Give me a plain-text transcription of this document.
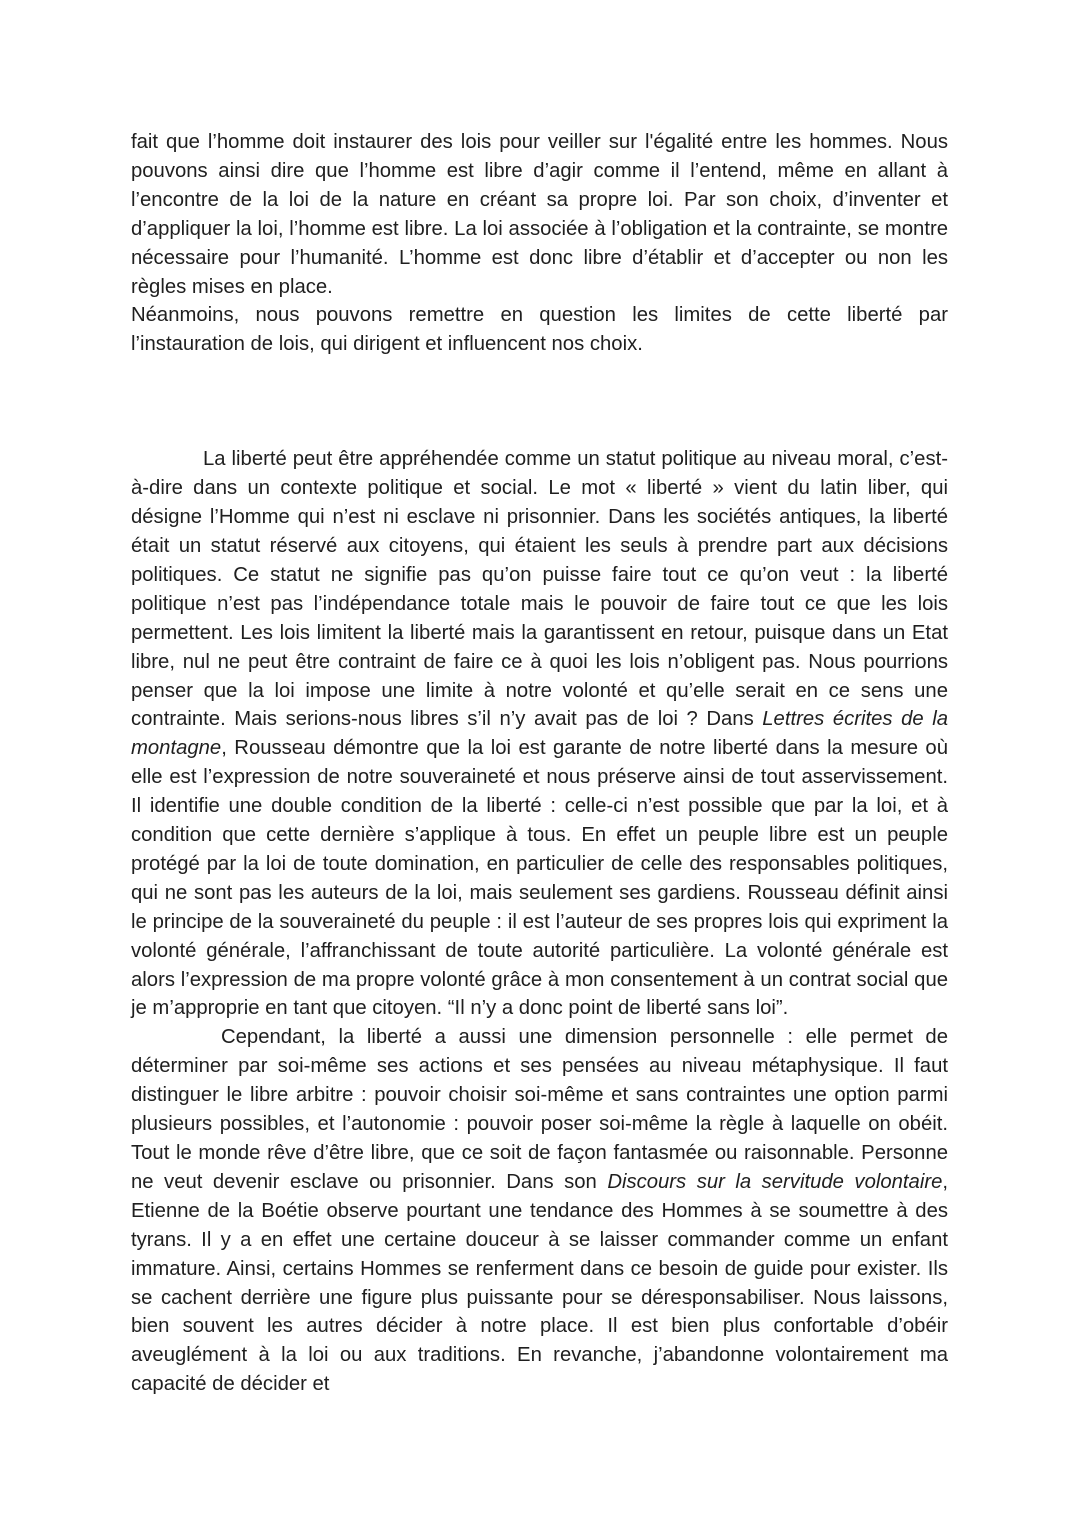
fait que l’homme doit instaurer des lois pour veiller sur l'égalité entre les hommes. Nous pouvons ainsi dire que l’homme est libre d’agir comme il l’entend, même en allant à l’encontre de la loi de la nature en créant sa propre loi. Par son choix, d’inventer et d’appliquer la loi, l’homme est libre. La loi associée à l’obligation et la contrainte, se montre nécessaire pour l’humanité. L’homme est donc libre d’établir et d’accepter ou non les règles mises en place.

Néanmoins, nous pouvons remettre en question les limites de cette liberté par l’instauration de lois, qui dirigent et influencent nos choix.

La liberté peut être appréhendée comme un statut politique au niveau moral, c’est-à-dire dans un contexte politique et social. Le mot « liberté » vient du latin liber, qui désigne l’Homme qui n’est ni esclave ni prisonnier. Dans les sociétés antiques, la liberté était un statut réservé aux citoyens, qui étaient les seuls à prendre part aux décisions politiques. Ce statut ne signifie pas qu’on puisse faire tout ce qu’on veut : la liberté politique n’est pas l’indépendance totale mais le pouvoir de faire tout ce que les lois permettent. Les lois limitent la liberté mais la garantissent en retour, puisque dans un Etat libre, nul ne peut être contraint de faire ce à quoi les lois n’obligent pas. Nous pourrions penser que la loi impose une limite à notre volonté et qu’elle serait en ce sens une contrainte. Mais serions-nous libres s’il n’y avait pas de loi ? Dans Lettres écrites de la montagne, Rousseau démontre que la loi est garante de notre liberté dans la mesure où elle est l’expression de notre souveraineté et nous préserve ainsi de tout asservissement. Il identifie une double condition de la liberté : celle-ci n’est possible que par la loi, et à condition que cette dernière s’applique à tous. En effet un peuple libre est un peuple protégé par la loi de toute domination, en particulier de celle des responsables politiques, qui ne sont pas les auteurs de la loi, mais seulement ses gardiens. Rousseau définit ainsi le principe de la souveraineté du peuple : il est l’auteur de ses propres lois qui expriment la volonté générale, l’affranchissant de toute autorité particulière. La volonté générale est alors l’expression de ma propre volonté grâce à mon consentement à un contrat social que je m’approprie en tant que citoyen. “Il n’y a donc point de liberté sans loi”.

Cependant, la liberté a aussi une dimension personnelle : elle permet de déterminer par soi-même ses actions et ses pensées au niveau métaphysique. Il faut distinguer le libre arbitre : pouvoir choisir soi-même et sans contraintes une option parmi plusieurs possibles, et l’autonomie : pouvoir poser soi-même la règle à laquelle on obéit. Tout le monde rêve d’être libre, que ce soit de façon fantasmée ou raisonnable. Personne ne veut devenir esclave ou prisonnier. Dans son Discours sur la servitude volontaire, Etienne de la Boétie observe pourtant une tendance des Hommes à se soumettre à des tyrans. Il y a en effet une certaine douceur à se laisser commander comme un enfant immature. Ainsi, certains Hommes se renferment dans ce besoin de guide pour exister. Ils se cachent derrière une figure plus puissante pour se déresponsabiliser. Nous laissons, bien souvent les autres décider à notre place. Il est bien plus confortable d’obéir aveuglément à la loi ou aux traditions. En revanche, j’abandonne volontairement ma capacité de décider et
